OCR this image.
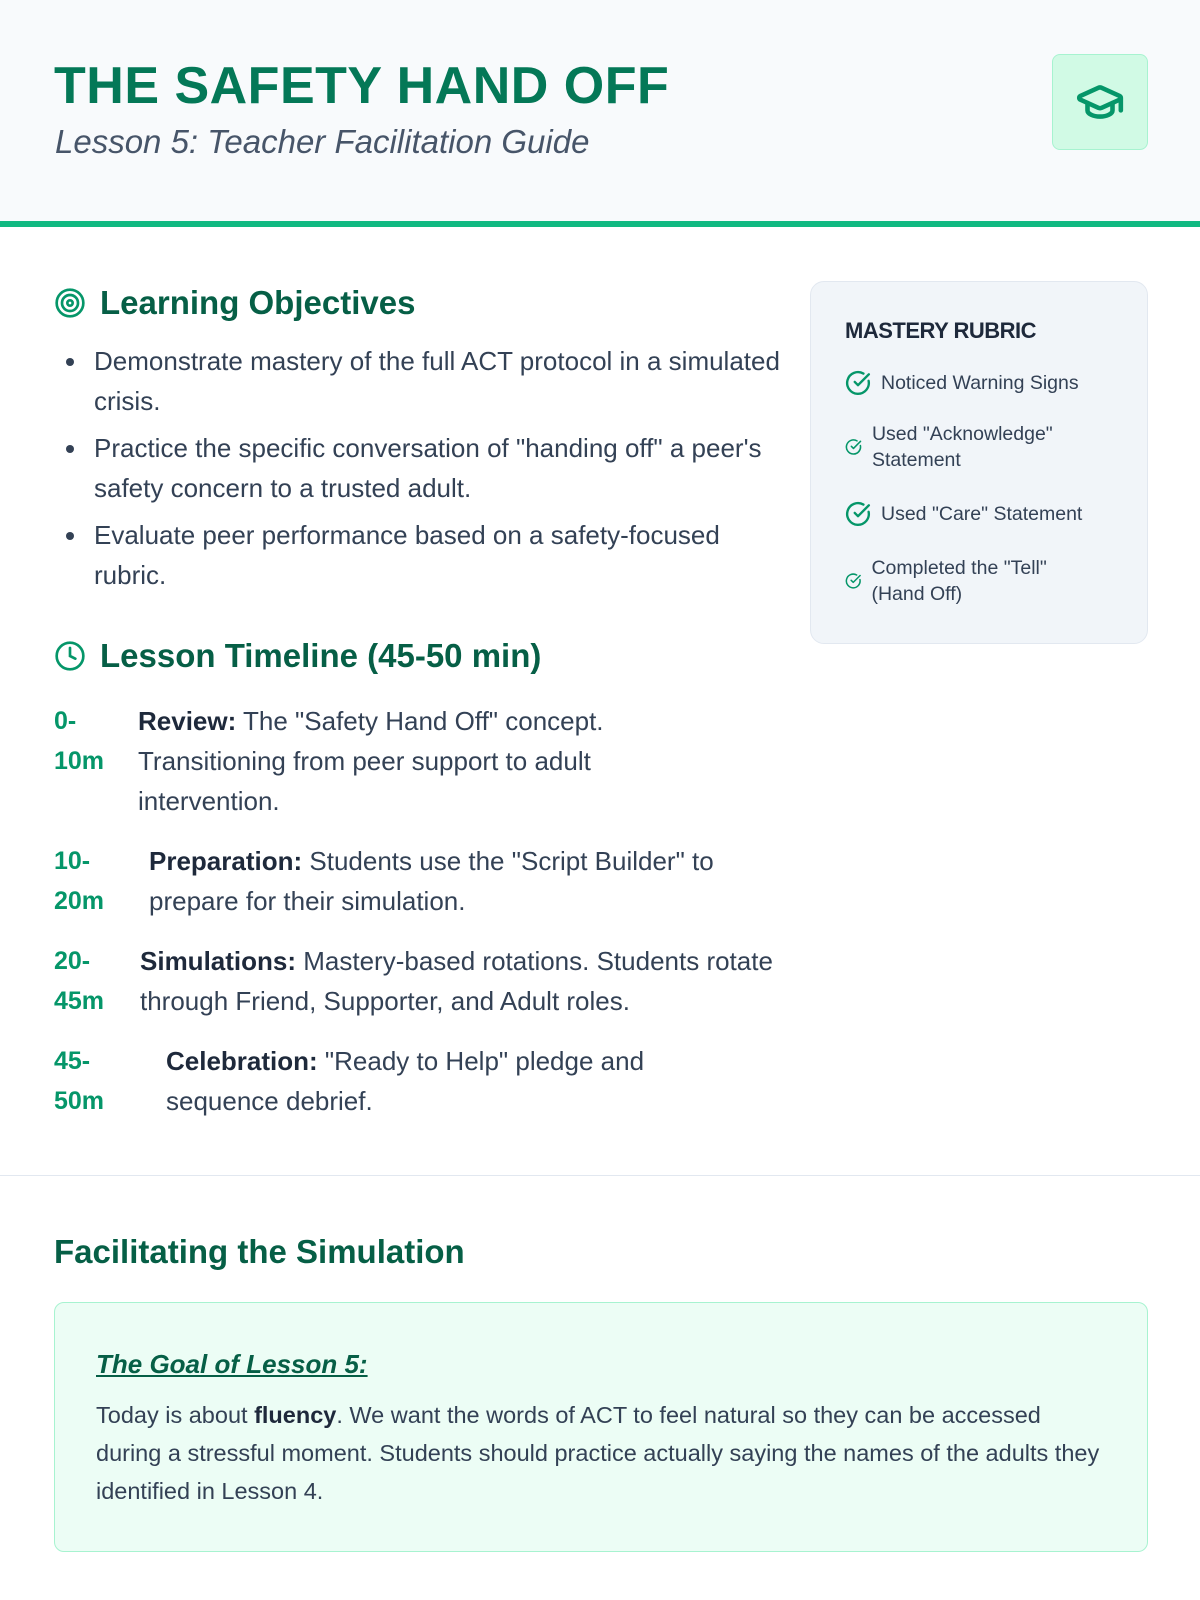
THE SAFETY HAND OFF
Lesson 5: Teacher Facilitation Guide
Learning Objectives
Demonstrate mastery of the full ACT protocol in a simulated crisis.
Practice the specific conversation of "handing off" a peer's safety concern to a trusted adult.
Evaluate peer performance based on a safety-focused rubric.
Lesson Timeline (45-50 min)
0-
10m
Review: The "Safety Hand Off" concept. Transitioning from peer support to adult intervention.
10-
20m
Preparation: Students use the "Script Builder" to prepare for their simulation.
20-
45m
Simulations: Mastery-based rotations. Students rotate through Friend, Supporter, and Adult roles.
45-
50m
Celebration: "Ready to Help" pledge and sequence debrief.
MASTERY RUBRIC
Noticed Warning Signs
Used "Acknowledge" Statement
Used "Care" Statement
Completed the "Tell" (Hand Off)
Facilitating the Simulation
The Goal of Lesson 5:
Today is about fluency. We want the words of ACT to feel natural so they can be accessed during a stressful moment. Students should practice actually saying the names of the adults they identified in Lesson 4.
